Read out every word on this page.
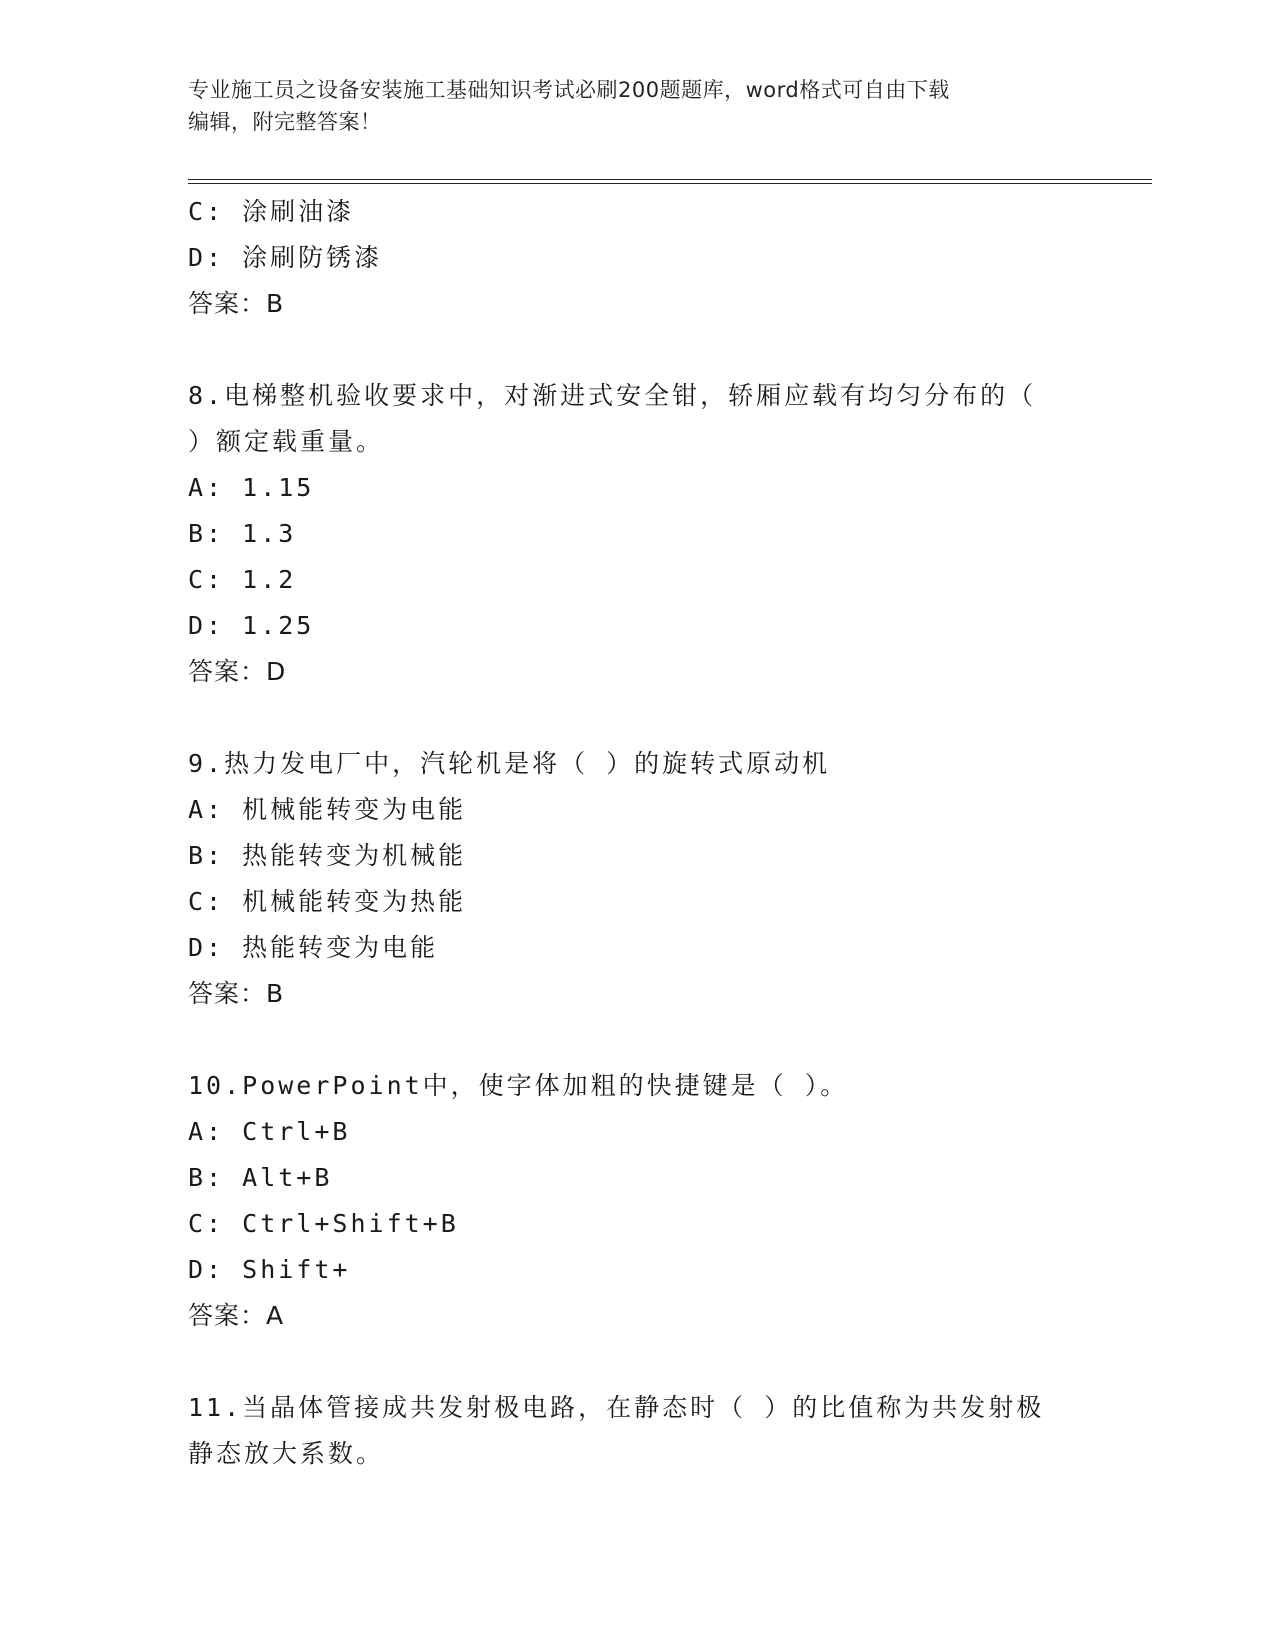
专业施工员之设备安装施工基础知识考试必刷200题题库，word格式可自由下载
编辑，附完整答案！
C: 涂刷油漆
D: 涂刷防锈漆
答案：B
8.电梯整机验收要求中，对渐进式安全钳，轿厢应载有均匀分布的（
）额定载重量。
A: 1.15
B: 1.3
C: 1.2
D: 1.25
答案：D
9.热力发电厂中，汽轮机是将（ ）的旋转式原动机
A: 机械能转变为电能
B: 热能转变为机械能
C: 机械能转变为热能
D: 热能转变为电能
答案：B
10.PowerPoint中，使字体加粗的快捷键是（ ）。
A: Ctrl+B
B: Alt+B
C: Ctrl+Shift+B
D: Shift+
答案：A
11.当晶体管接成共发射极电路，在静态时（ ）的比值称为共发射极
静态放大系数。
